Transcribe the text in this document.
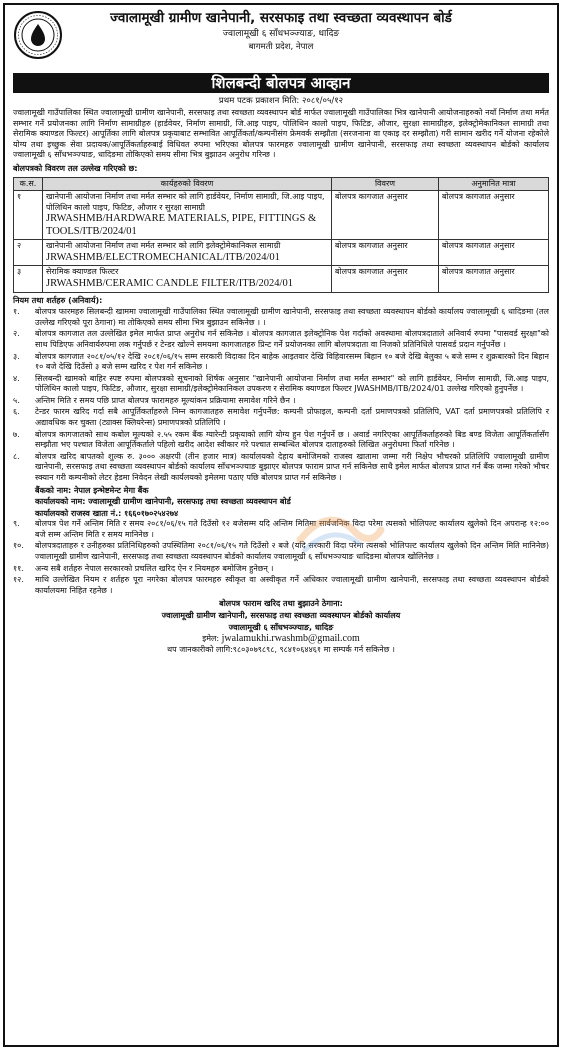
ज्वालामूखी ग्रामीण खानेपानी, सरसफाइ तथा स्वच्छता व्यवस्थापन बोर्ड
ज्वालामूखी ६ साँधभञ्ज्याङ, धादिङ
बागमती प्रदेश, नेपाल
शिलबन्दी बोलपत्र आव्हान
प्रथम पटक प्रकाशन मिति: २०८१/०५/१२
ज्वालामूखी गाउँपालिका स्थित ज्वालामूखी ग्रामीण खानेपानी, सरसफाइ तथा स्वच्छता व्यवस्थापन बोर्ड मार्फत ज्वालामूखी गाउँपालिका भित्र खानेपानी आयोजनाहरुको नयाँ निर्माण तथा मर्मत सम्भार गर्ने प्रयोजनका लागि निर्माण सामाग्रीहरु (हार्डवेयर, निर्माण सामाग्री, जि.आइ पाइप, पोलिथिन कालो पाइप, फिटिङ, औजार, सुरक्षा सामाग्रीहरु, इलेक्ट्रोमेकानिकल सामाग्री तथा सेरामिक क्याण्डल फिल्टर) आपूर्तिका लागि बोलपत्र प्रकृयाबाट सम्भावित आपूर्तिकर्ता/कम्पनीसंग फ्रेमवर्क सम्झौता (सरजनाना वा एकाइ दर सम्झौता) गरी सामान खरीद गर्ने योजना रहेकोले योग्य तथा इच्छुक सेवा प्रदायक/आपूर्तिकर्ताहरुबाई विधिवत रुपमा भरिएका बोलपत्र फारमहरु ज्वालामूखी ग्रामीण खानेपानी, सरसफाइ तथा स्वच्छता व्यवस्थापन बोर्डको कार्यालय ज्वालामूखी ६ साँधभञ्ज्याङ, धादिङमा तोकिएको समय सीमा भित्र बुझाउन अनुरोध गरिन्छ ।
बोलपत्रको विवरण तल उल्लेख गरिएको छ:
क.स.	कार्यहरुको विवरण	विवरण	अनुमानित मात्रा
१	खानेपानी आयोजना निर्माण तथा मर्मत सम्भार को लागि हार्डवेयर, निर्माण सामाग्री, जि.आइ पाइप, पोलिथिन कालो पाइप, फिटिङ, औजार र सुरक्षा सामाग्री
JRWASHMB/HARDWARE MATERIALS, PIPE, FITTINGS & TOOLS/ITB/2024/01	बोलपत्र कागजात अनुसार	बोलपत्र कागजात अनुसार
२	खानेपानी आयोजना निर्माण तथा मर्मत सम्भार को लागि इलेक्ट्रोमेकानिकल सामाग्री
JRWASHMB/ELECTROMECHANICAL/ITB/2024/01	बोलपत्र कागजात अनुसार	बोलपत्र कागजात अनुसार
३	सेरामिक क्याण्डल फिल्टर
JRWASHMB/CERAMIC CANDLE FILTER/ITB/2024/01	बोलपत्र कागजात अनुसार	बोलपत्र कागजात अनुसार
नियम तथा शर्तहरु (अनिवार्य):
१.	बोलपत्र फारमहरु सिलबन्दी खाममा ज्वालामूखी गाउँपालिका स्थित ज्वालामूखी ग्रामीण खानेपानी, सरसफाइ तथा स्वच्छता व्यवस्थापन बोर्डको कार्यालय ज्वालामूखी ६ धादिङमा (तल उल्लेख गरिएको पूरा ठेगाना) मा तोकिएको समय सीमा भित्र बुझाउन सकिनेछ । ।
२.	बोलपत्र कागजात तल उल्लेखित इमेल मार्फत प्राप्त अनुरोध गर्न सकिनेछ । बोलपत्र कागजात इलेक्ट्रोनिक पेश गर्दाको अवस्थामा बोलपत्रदाताले अनिवार्य रुपमा "पासवर्ड सुरक्षा"को साथ पिडिएफ अनिवार्यरुपमा लक गर्नुपर्छ र टेन्डर खोल्ने समयमा कागजातहरु प्रिन्ट गर्ने प्रयोजनका लागि बोलपत्रदाता वा निजको प्रतिनिधिले पासवर्ड प्रदान गर्नुपर्नेछ ।
३.	बोलपत्र कागजात २०८१/०५/१२ देखि २०८१/०६/१५ सम्म सरकारी विदाका दिन बाहेक आइतवार देखि विहिवारसम्म बिहान १० बजे देखि बेलुका ५ बजे सम्म र शुक्रबारको दिन बिहान १० बजे देखि दिउँसो ३ बजे सम्म खरिद र पेश गर्न सकिनेछ ।
४.	सिलबन्दी खामको बाहिर स्पष्ट रुपमा बोलपत्रको सूचनाको शिर्षक अनुसार "खानेपानी आयोजना निर्माण तथा मर्मत सम्भार" को लागि हार्डवेयर, निर्माण सामाग्री, जि.आइ पाइप, पोलिथिन कालो पाइप, फिटिङ, औजार, सुरक्षा सामाग्री/इलेक्ट्रोमेकानिकल उपकरण र सेरामिक क्याण्डल फिल्टर JWASHMB/ITB/2024/01 उल्लेख गरिएको हुनुपर्नेछ ।
५.	अन्तिम मिति र समय पछि प्राप्त बोलपत्र फारामहरु मूल्यांकन प्रक्रियामा समावेश गरिने छैन ।
६.	टेन्डर फारम खरिद गर्दा सबै आपूर्तिकर्ताहरुले निम्न कागजातहरु समावेश गर्नुपर्नेछ: कम्पनी प्रोफाइल, कम्पनी दर्ता प्रमाणपत्रको प्रतिलिपि, VAT दर्ता प्रमाणपत्रको प्रतिलिपि र अद्यावधिक कर चुक्ता (ट्याक्स क्लियरेन्स) प्रमाणपत्रको प्रतिलिपि ।
७.	बोलपत्र कागजातको साथ कबोल मूल्यको २.५५ रकम बैंक ग्यारेन्टी प्रकृयाको लागि योग्य हुन पेश गर्नुपर्ने छ । अवार्ड नगरिएका आपूर्तिकर्ताहरुको बिड बण्ड विजेता आपूर्तिकर्तासँग सम्झौता भए पश्चात विजेता आपूर्तिकर्ताले पहिलो खरीद आदेश स्वीकार गरे पश्चात सम्बन्धित बोलपत्र दाताहरुको लिखित अनुरोधमा फिर्ता गरिनेछ ।
८.	बोलपत्र खरिद बापतको शुल्क रु. ३००० अक्षरपी (तीन हजार मात्र) कार्यालयको देहाय बमोजिमको राजस्व खातामा जम्मा गरी निक्षेप भौचरको प्रतिलिपि ज्वालामूखी ग्रामीण खानेपानी, सरसफाइ तथा स्वच्छता व्यवस्थापन बोर्डको कार्यालय साँधभञ्ज्याङ बुझाएर बोलपत्र फाराम प्राप्त गर्न सकिनेछ साथै इमेल मार्फत बोलपत्र प्राप्त गर्न बैंक जम्मा गरेको भौचर स्क्यान गरी कम्पनीको लेटर हेडमा निवेदन लेखी कार्यलयको इमेलमा पठाए पछि बोलपत्र प्राप्त गर्न सकिनेछ ।
बैंकको नाम: नेपाल इन्भेष्टमेन्ट मेगा बैंक
कार्यालयको नाम: ज्वालामूखी ग्रामीण खानेपानी, सरसफाइ तथा स्वच्छता व्यवस्थापन बोर्ड
कार्यालयको राजस्व खाता नं.: १६६०१७०२५४२७४
९.	बोलपत्र पेश गर्ने अन्तिम मिति र समय २०८१/०६/१५ गते दिउँसो १२ बजेसम्म यदि अन्तिम मितिमा सार्वजनिक विदा परेमा त्यसको भोलिपल्ट कार्यालय खुलेको दिन अपरान्ह १२:०० बजे सम्म अन्तिम मिति र समय मानिनेछ ।
१०.	बोलपत्रदाताहरु र उनीहरुका प्रतिनिधिहरुको उपस्थितिमा २०८१/०६/१५ गते दिउँसो २ बजे (यदि सरकारी विदा परेमा त्यसको भोलिपल्ट कार्यालय खुलेको दिन अन्तिम मिति मानिनेछ) ज्वालामूखी ग्रामीण खानेपानी, सरसफाइ तथा स्वच्छता व्यवस्थापन बोर्डको कार्यालय ज्वालामूखी ६ साँधभञ्ज्याङ धादिङमा बोलपत्र खोलिनेछ ।
११.	अन्य सबै शर्तहरु नेपाल सरकारको प्रचलित खरिद ऐन र नियमहरु बमोजिम हुनेछन् ।
१२.	माथि उल्लेखित नियम र शर्तहरु पूरा नगरेका बोलपत्र फारमहरु स्वीकृत वा अस्वीकृत गर्ने अधिकार ज्वालामूखी ग्रामीण खानेपानी, सरसफाइ तथा स्वच्छता व्यवस्थापन बोर्डको कार्यालयमा निहित रहनेछ ।
बोलपत्र फाराम खरिद तथा बुझाउने ठेगाना:
ज्वालामूखी ग्रामीण खानेपानी, सरसफाइ तथा स्वच्छता व्यवस्थापन बोर्डको कार्यालय
ज्वालामूखी ६ साँधभञ्ज्याङ, धादिङ
इमेल: jwalamukhi.rwashmb@gmail.com
थप जानकारीको लागि:९८०३०७९८९८, ९८४१०६४४६१ मा सम्पर्क गर्न सकिनेछ ।
